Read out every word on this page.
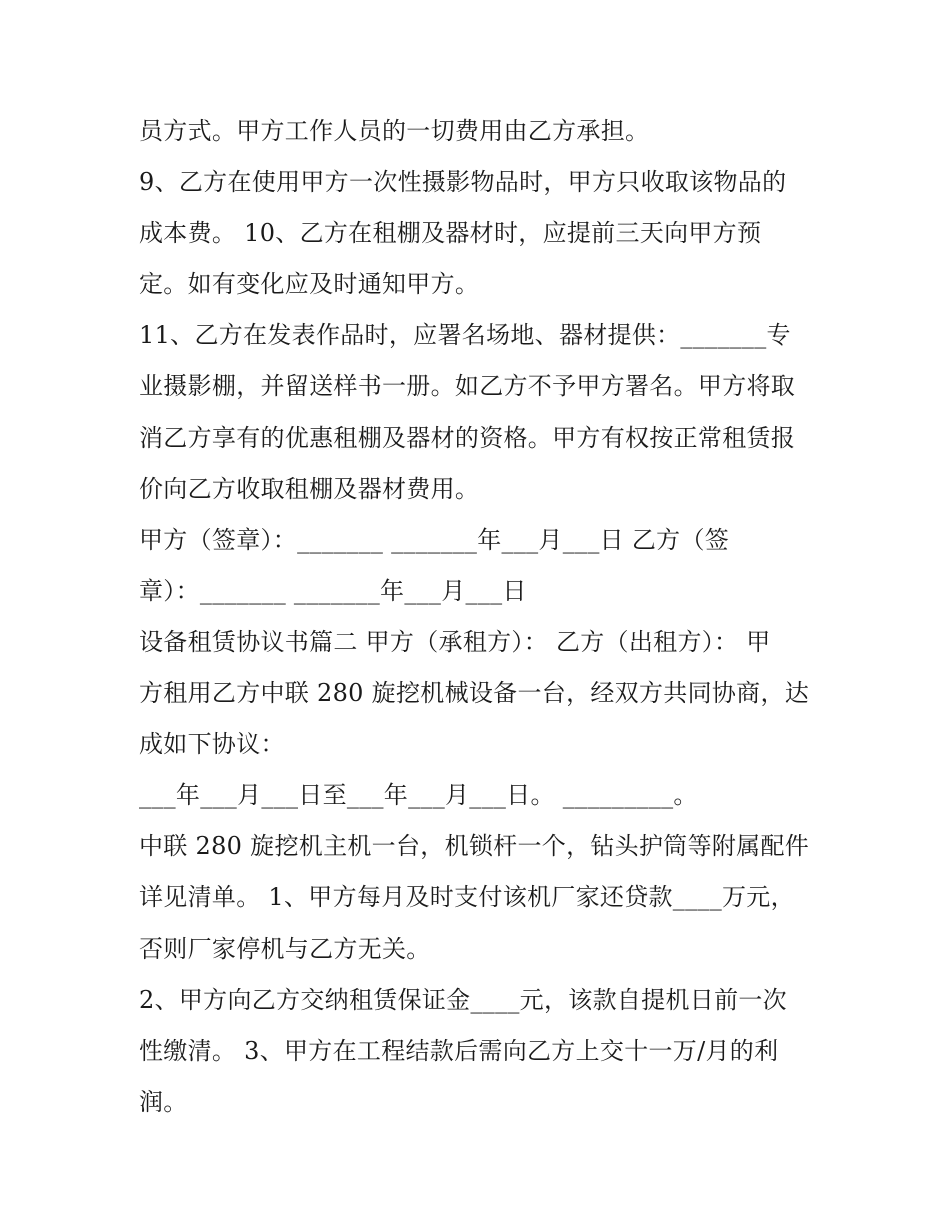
员方式。甲方工作人员的一切费用由乙方承担。
9、乙方在使用甲方一次性摄影物品时，甲方只收取该物品的
成本费。 10、乙方在租棚及器材时，应提前三天向甲方预
定。如有变化应及时通知甲方。
11、乙方在发表作品时，应署名场地、器材提供：_______专
业摄影棚，并留送样书一册。如乙方不予甲方署名。甲方将取
消乙方享有的优惠租棚及器材的资格。甲方有权按正常租赁报
价向乙方收取租棚及器材费用。
甲方（签章）：_______ _______年___月___日 乙方（签
章）：_______ _______年___月___日
设备租赁协议书篇二 甲方（承租方）： 乙方（出租方）： 甲
方租用乙方中联 280 旋挖机械设备一台，经双方共同协商，达
成如下协议：
___年___月___日至___年___月___日。 _________。
中联 280 旋挖机主机一台，机锁杆一个，钻头护筒等附属配件
详见清单。 1、甲方每月及时支付该机厂家还贷款____万元，
否则厂家停机与乙方无关。
2、甲方向乙方交纳租赁保证金____元，该款自提机日前一次
性缴清。 3、甲方在工程结款后需向乙方上交十一万/月的利
润。
